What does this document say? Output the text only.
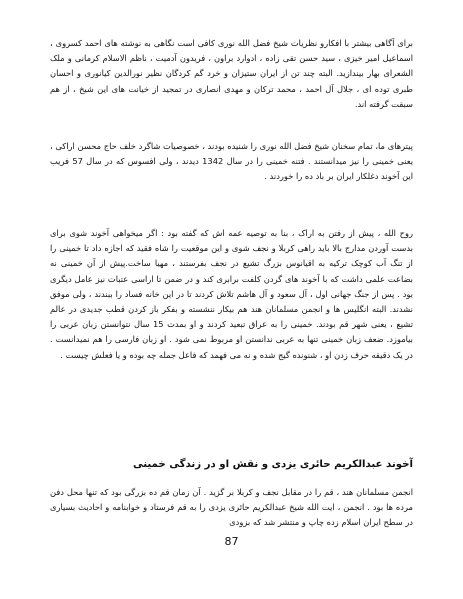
برای آگاهی بیشتر با افکارو نظریات شیخ فضل الله نوری کافی است نگاهی به نوشته های احمد کسروی ، اسماعیل امیر خیزی ، سید حسن تقی زاده ، ادوارد براون ، فریدون آدمیت ، ناظم الاسلام کرمانی و ملک الشعرای بهار بیندازید. البته چند تن از ایران ستیزان و خرد گم کردگان نظیر نورالدین کیانوری و احسان طبری توده ای ، جلال آل احمد ، محمد ترکان و مهدی انصاری در تمجید از خیانت های این شیخ ، از هم سبقت گرفته اند.

پیترهای ما، تمام سخنان شیخ فضل الله نوری را شنیده بودند ، خصوصیات شاگرد خلف حاج محسن اراکی ، یعنی خمینی را نیز میدانستند . فتنه خمینی را در سال 1342 دیدند ، ولی افسوس که در سال 57 فریب این آخوند دغلکار ایران بر باد ده را خوردند .

روح الله ، پیش از رفتن به اراک ، بنا به توصیه عمه اش که گفته بود : اگر میخواهی آخوند شوی برای بدست آوردن مدارج بالا باید راهی کربلا و نجف شوی و این موقعیت را شاه فقید که اجازه داد تا خمینی را از تنگ آب کوچک ترکیه به اقیانوس بزرگ تشیع در نجف بفرستند ، مهیا ساخت.پیش از آن خمینی نه بضاعت علمی داشت که با آخوند های گردن کلفت برابری کند و در ضمن تا اراسی عتبات نیز عامل دیگری بود . پس از جنگ جهانی اول ، آل سعود و آل هاشم تلاش کردند تا در این خانه فساد را ببندند ، ولی موفق نشدند. البته انگلیس ها و انجمن مسلمانان هند هم بیکار ننشسته و بفکر باز کردن قطب جدیدی در عالم تشیع ، یعنی شهر قم بودند. خمینی را به عراق تبعید کردند و او بمدت 15 سال نتوانستن زبان عربی را بیاموزد. ضعف زبان خمینی تنها به عربی ندانستن او مربوط نمی شود . او زبان فارسی را هم نمیدانست . در یک دقیقه حرف زدن او ، شنونده گیج شده و نه می فهمد که فاعل جمله چه بوده و یا فعلش چیست .

آخوند عبدالکریم حائری یزدی و نقش او در زندگی خمینی

انجمن مسلمانان هند ، قم را در مقابل نجف و کربلا بر گزید . آن زمان قم ده بزرگی بود که تنها محل دفن مرده ها بود . انجمن ، ایت الله شیخ عبدالکریم حائری یزدی را به قم فرستاد و خوابنامه و احادیث بسیاری در سطح ایران اسلام زده چاپ و منتشر شد که بزودی

87
